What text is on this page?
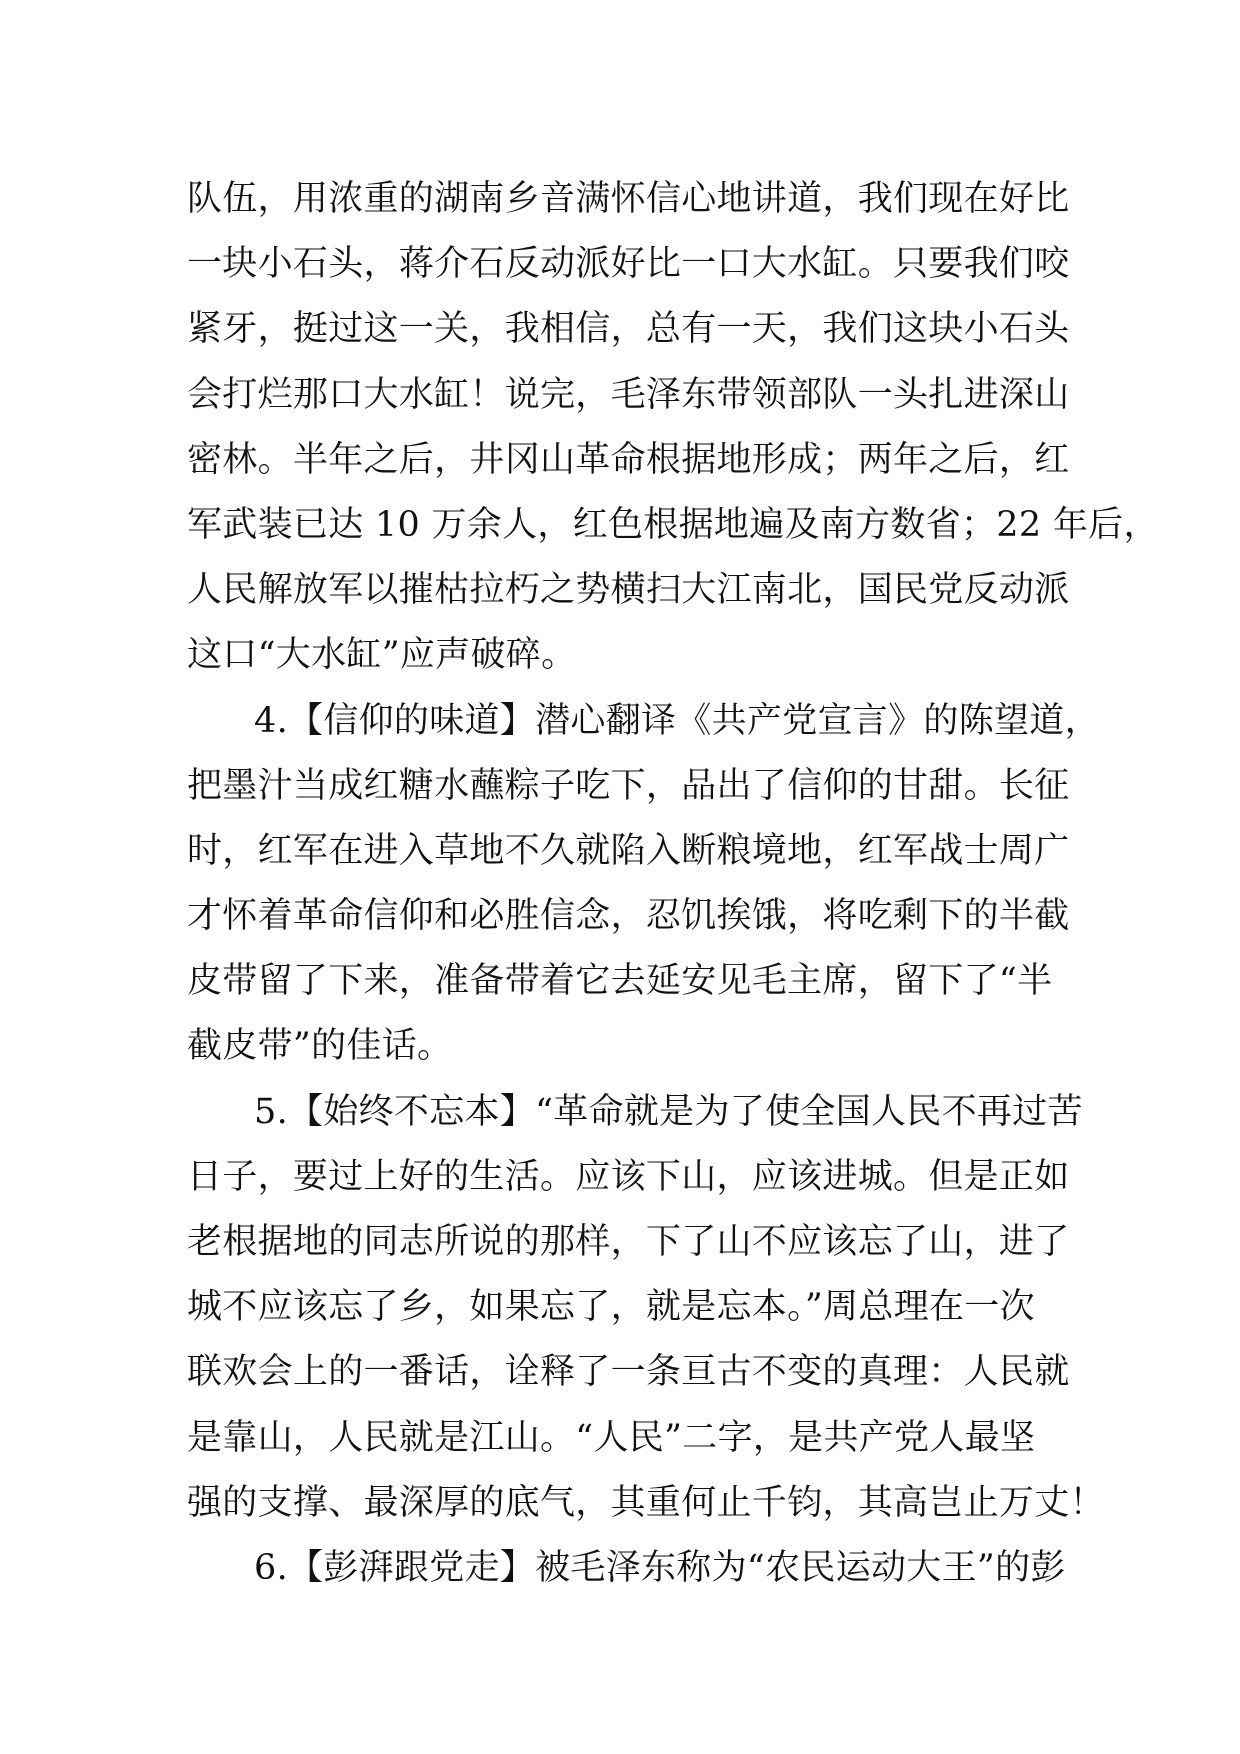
队伍，用浓重的湖南乡音满怀信心地讲道，我们现在好比
一块小石头，蒋介石反动派好比一口大水缸。只要我们咬
紧牙，挺过这一关，我相信，总有一天，我们这块小石头
会打烂那口大水缸！说完，毛泽东带领部队一头扎进深山
密林。半年之后，井冈山革命根据地形成；两年之后，红
军武装已达 10 万余人，红色根据地遍及南方数省；22 年后，
人民解放军以摧枯拉朽之势横扫大江南北，国民党反动派
这口“大水缸”应声破碎。
4.【信仰的味道】潜心翻译《共产党宣言》的陈望道，
把墨汁当成红糖水蘸粽子吃下，品出了信仰的甘甜。长征
时，红军在进入草地不久就陷入断粮境地，红军战士周广
才怀着革命信仰和必胜信念，忍饥挨饿，将吃剩下的半截
皮带留了下来，准备带着它去延安见毛主席，留下了“半
截皮带”的佳话。
5.【始终不忘本】“革命就是为了使全国人民不再过苦
日子，要过上好的生活。应该下山，应该进城。但是正如
老根据地的同志所说的那样，下了山不应该忘了山，进了
城不应该忘了乡，如果忘了，就是忘本。”周总理在一次
联欢会上的一番话，诠释了一条亘古不变的真理：人民就
是靠山，人民就是江山。“人民”二字，是共产党人最坚
强的支撑、最深厚的底气，其重何止千钧，其高岂止万丈！
6.【彭湃跟党走】被毛泽东称为“农民运动大王”的彭
